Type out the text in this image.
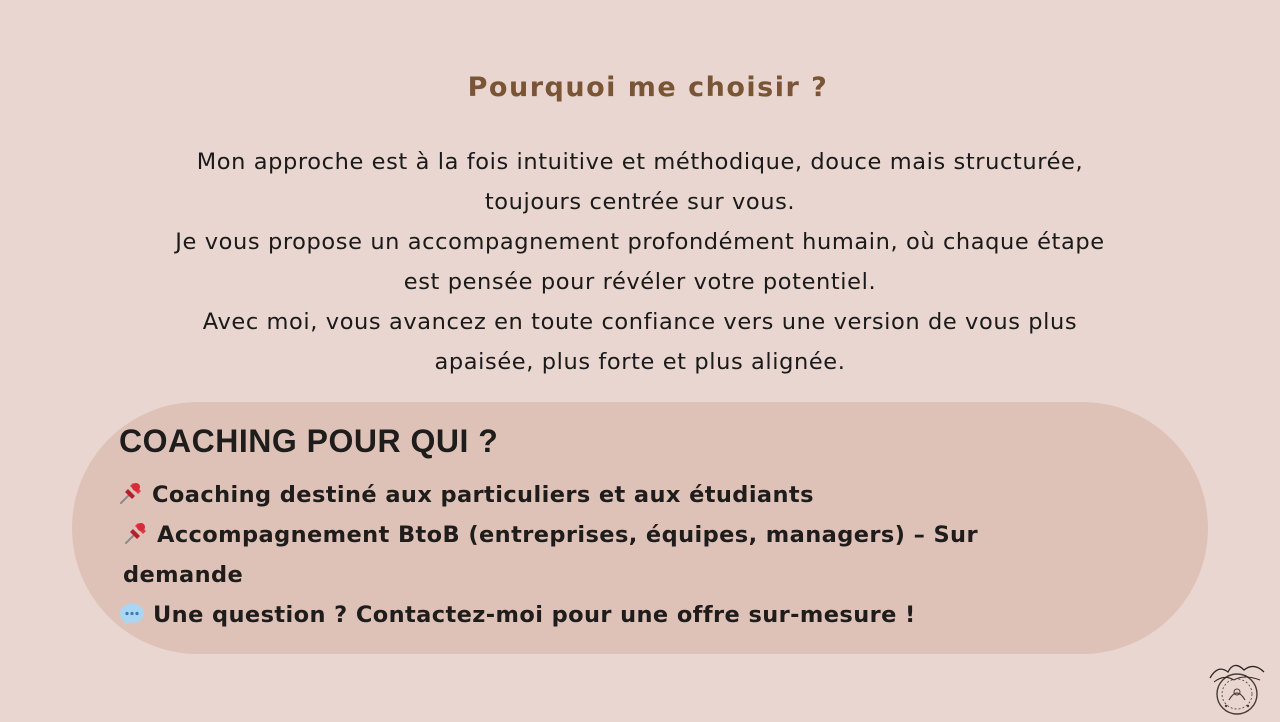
Pourquoi me choisir ?
Mon approche est à la fois intuitive et méthodique, douce mais structurée,
toujours centrée sur vous.
Je vous propose un accompagnement profondément humain, où chaque étape
est pensée pour révéler votre potentiel.
Avec moi, vous avancez en toute confiance vers une version de vous plus
apaisée, plus forte et plus alignée.
COACHING POUR QUI ?
Coaching destiné aux particuliers et aux étudiants
Accompagnement BtoB (entreprises, équipes, managers) – Sur demande
Une question ? Contactez-moi pour une offre sur-mesure !
